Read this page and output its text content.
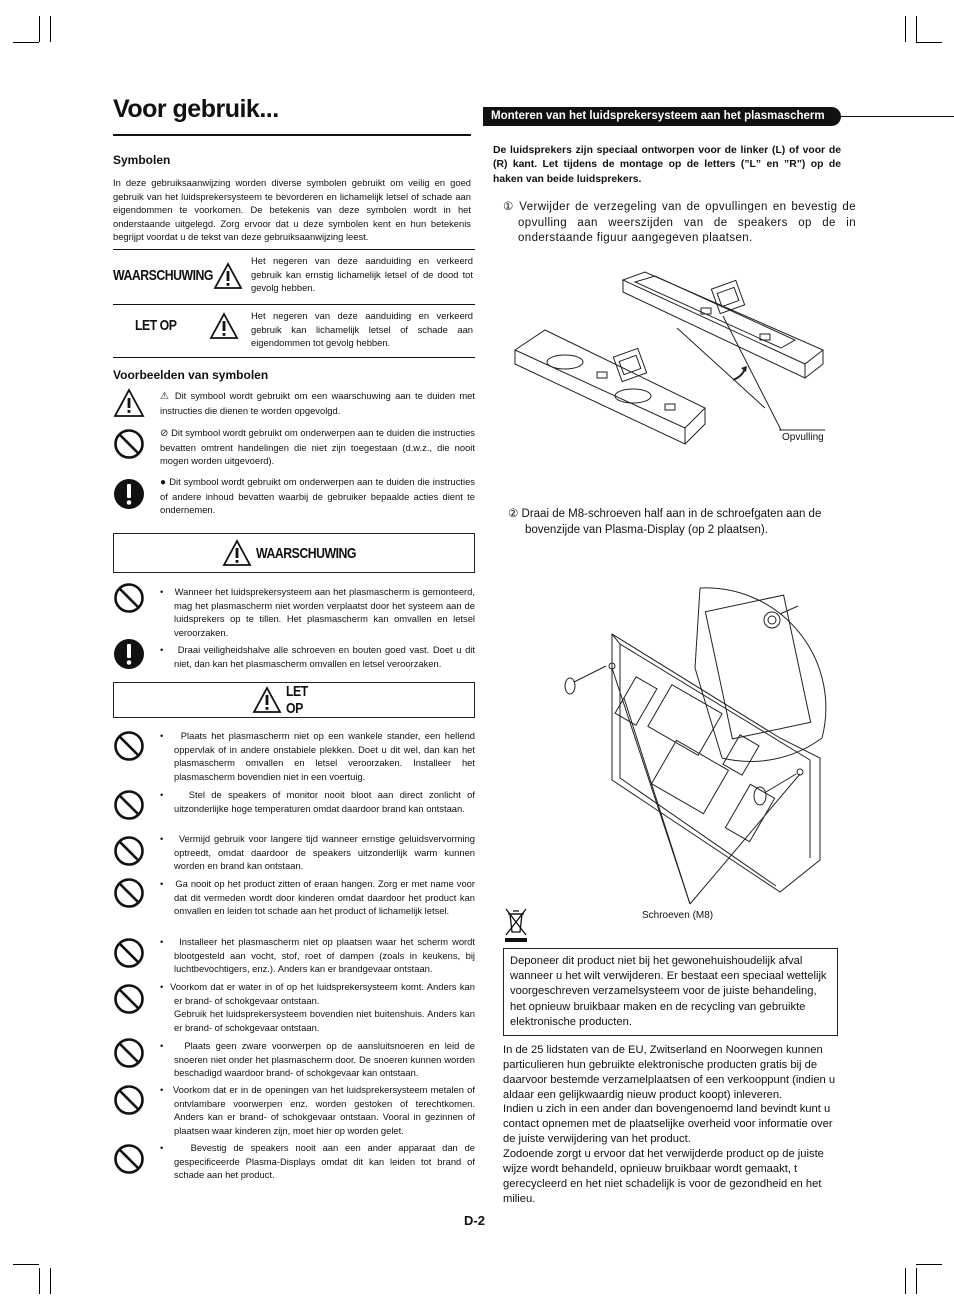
Voor gebruik...
Symbolen
In deze gebruiksaanwijzing worden diverse symbolen gebruikt om veilig en goed gebruik van het luidsprekersysteem te bevorderen en lichamelijk letsel of schade aan eigendommen te voorkomen. De betekenis van deze symbolen wordt in het onderstaande uitgelegd. Zorg ervoor dat u deze symbolen kent en hun betekenis begrijpt voordat u de tekst van deze gebruiksaanwijzing leest.
WAARSCHUWING
Het negeren van deze aanduiding en verkeerd gebruik kan ernstig lichamelijk letsel of de dood tot gevolg hebben.
LET OP
Het negeren van deze aanduiding en verkeerd gebruik kan lichamelijk letsel of schade aan eigendommen tot gevolg hebben.
Voorbeelden van symbolen
⚠ Dit symbool wordt gebruikt om een waarschuwing aan te duiden met instructies die dienen te worden opgevolgd.
⊘ Dit symbool wordt gebruikt om onderwerpen aan te duiden die instructies bevatten omtrent handelingen die niet zijn toegestaan (d.w.z., die nooit mogen worden uitgevoerd).
● Dit symbool wordt gebruikt om onderwerpen aan te duiden die instructies of andere inhoud bevatten waarbij de gebruiker bepaalde acties dient te ondernemen.
WAARSCHUWING
•    Wanneer het luidsprekersysteem aan het plasmascherm is gemonteerd, mag het plasmascherm niet worden verplaatst door het systeem aan de luidsprekers op te tillen. Het plasmascherm kan omvallen en letsel veroorzaken.
•    Draai veiligheidshalve alle schroeven en bouten goed vast. Doet u dit niet, dan kan het plasmascherm omvallen en letsel veroorzaken.
LET OP
•    Plaats het plasmascherm niet op een wankele stander, een hellend oppervlak of in andere onstabiele plekken. Doet u dit wel, dan kan het plasmascherm omvallen en letsel veroorzaken. Installeer het plasmascherm bovendien niet in een voertuig.
•    Stel de speakers of monitor nooit bloot aan direct zonlicht of uitzonderlijke hoge temperaturen omdat daardoor brand kan ontstaan.
•    Vermijd gebruik voor langere tijd wanneer ernstige geluidsvervorming optreedt, omdat daardoor de speakers uitzonderlijk warm kunnen worden en brand kan ontstaan.
•    Ga nooit op het product zitten of eraan hangen. Zorg er met name voor dat dit vermeden wordt door kinderen omdat daardoor het product kan omvallen en leiden tot schade aan het product of lichamelijk letsel.
•    Installeer het plasmascherm niet op plaatsen waar het scherm wordt blootgesteld aan vocht, stof, roet of dampen (zoals in keukens, bij luchtbevochtigers, enz.). Anders kan er brandgevaar ontstaan.
•  Voorkom dat er water in of op het luidsprekersysteem komt. Anders kan er brand- of schokgevaar ontstaan.
Gebruik het luidsprekersysteem bovendien niet buitenshuis. Anders kan er brand- of schokgevaar ontstaan.
•    Plaats geen zware voorwerpen op de aansluitsnoeren en leid de snoeren niet onder het plasmascherm door. De snoeren kunnen worden beschadigd waardoor brand- of schokgevaar kan ontstaan.
•   Voorkom dat er in de openingen van het luidsprekersysteem metalen of ontvlambare voorwerpen enz. worden gestoken of terechtkomen. Anders kan er brand- of schokgevaar ontstaan. Vooral in gezinnen of plaatsen waar kinderen zijn, moet hier op worden gelet.
•    Bevestig de speakers nooit aan een ander apparaat dan de gespecificeerde Plasma-Displays omdat dit kan leiden tot brand of schade aan het product.
Monteren van het luidsprekersysteem aan het plasmascherm
De luidsprekers zijn speciaal ontworpen voor de linker (L) of voor de (R) kant. Let tijdens de montage op de letters (”L” en ”R”) op de haken van beide luidsprekers.
① Verwijder de verzegeling van de opvullingen en bevestig de opvulling aan weerszijden van de speakers op de in onderstaande figuur aangegeven plaatsen.
Opvulling
② Draai de M8-schroeven half aan in de schroefgaten aan de bovenzijde van Plasma-Display (op 2 plaatsen).
Schroeven (M8)
Deponeer dit product niet bij het gewonehuishoudelijk afval wanneer u het wilt verwijderen. Er bestaat een speciaal wettelijk voorgeschreven verzamelsysteem voor de juiste behandeling, het opnieuw bruikbaar maken en de recycling van gebruikte elektronische producten.
In de 25 lidstaten van de EU, Zwitserland en Noorwegen kunnen particulieren hun gebruikte elektronische producten gratis bij de daarvoor bestemde verzamelplaatsen of een verkooppunt (indien u aldaar een gelijkwaardig nieuw product koopt) inleveren.
Indien u zich in een ander dan bovengenoemd land bevindt kunt u contact opnemen met de plaatselijke overheid voor informatie over de juiste verwijdering van het product.
Zodoende zorgt u ervoor dat het verwijderde product op de juiste wijze wordt behandeld, opnieuw bruikbaar wordt gemaakt, t gerecycleerd en het niet schadelijk is voor de gezondheid en het milieu.
D-2
